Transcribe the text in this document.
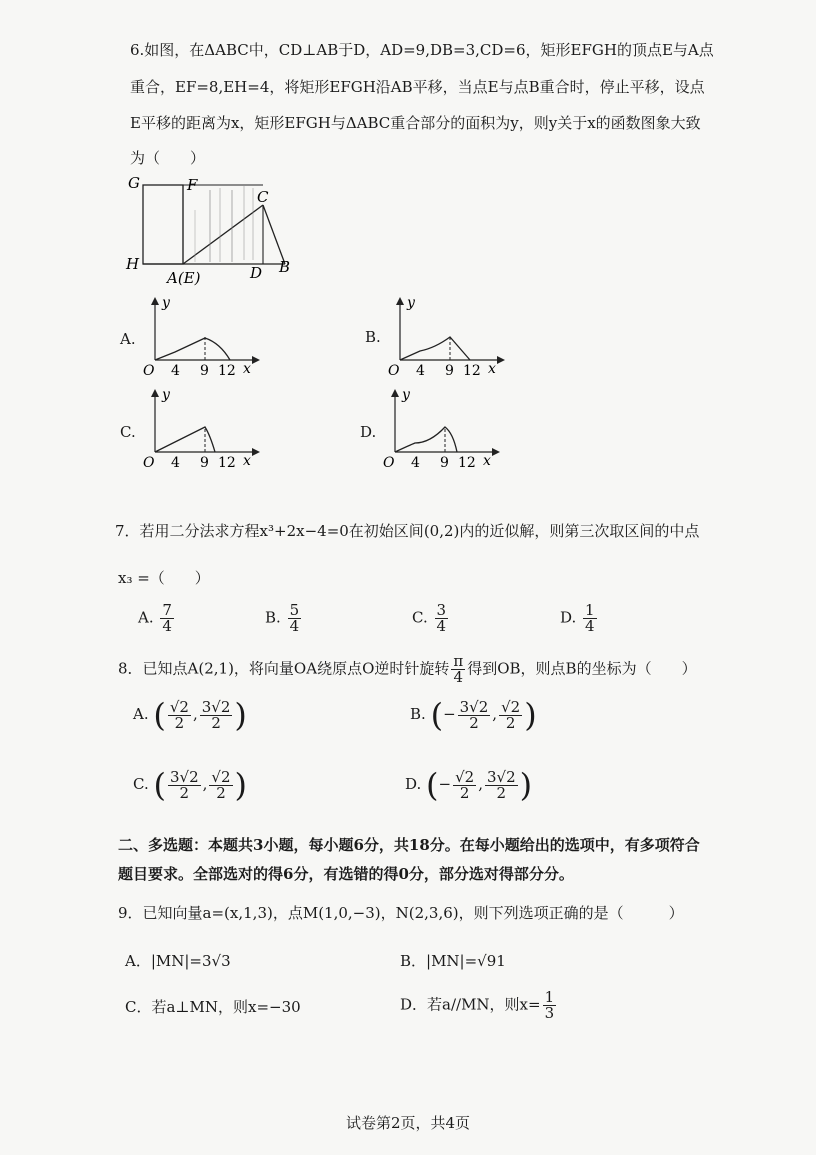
6.如图，在ΔABC中，CD⊥AB于D，AD=9,DB=3,CD=6，矩形EFGH的顶点E与A点
重合，EF=8,EH=4，将矩形EFGH沿AB平移，当点E与点B重合时，停止平移，设点
E平移的距离为x，矩形EFGH与ΔABC重合部分的面积为y，则y关于x的函数图象大致
为（　　）
G	F
C
H
A(E)	D B
A.
y
O 4 9 12 x
B.
y
O 4 9 12 x
C.
y
O 4 9 12 x
D.
y
O 4 9 12 x
7．若用二分法求方程x³+2x−4=0在初始区间(0,2)内的近似解，则第三次取区间的中点
x₃ =（　　）
A. $\frac{7}{4}$	B. $\frac{5}{4}$	C. $\frac{3}{4}$	D. $\frac{1}{4}$
8．已知点A(2,1)，将向量OA绕原点O逆时针旋转 $\frac{\pi}{4}$ 得到OB，则点B的坐标为（　　）
A. ( $\frac{√2}{2}$ , $\frac{3√2}{2}$ )	B. (− $\frac{3√2}{2}$ , $\frac{√2}{2}$ )
C. ( $\frac{3√2}{2}$ , $\frac{√2}{2}$ )	D. (− $\frac{√2}{2}$ , $\frac{3√2}{2}$ )
二、多选题：本题共3小题，每小题6分，共18分。在每小题给出的选项中，有多项符合
题目要求。全部选对的得6分，有选错的得0分，部分选对得部分分。
9．已知向量a=(x,1,3)，点M(1,0,−3)，N(2,3,6)，则下列选项正确的是（　　　）
A．|MN|=3√3	B．|MN|=√91
C．若a⊥MN，则x=−30	D．若a//MN，则$x= \frac{1}{3}$
试卷第2页，共4页
